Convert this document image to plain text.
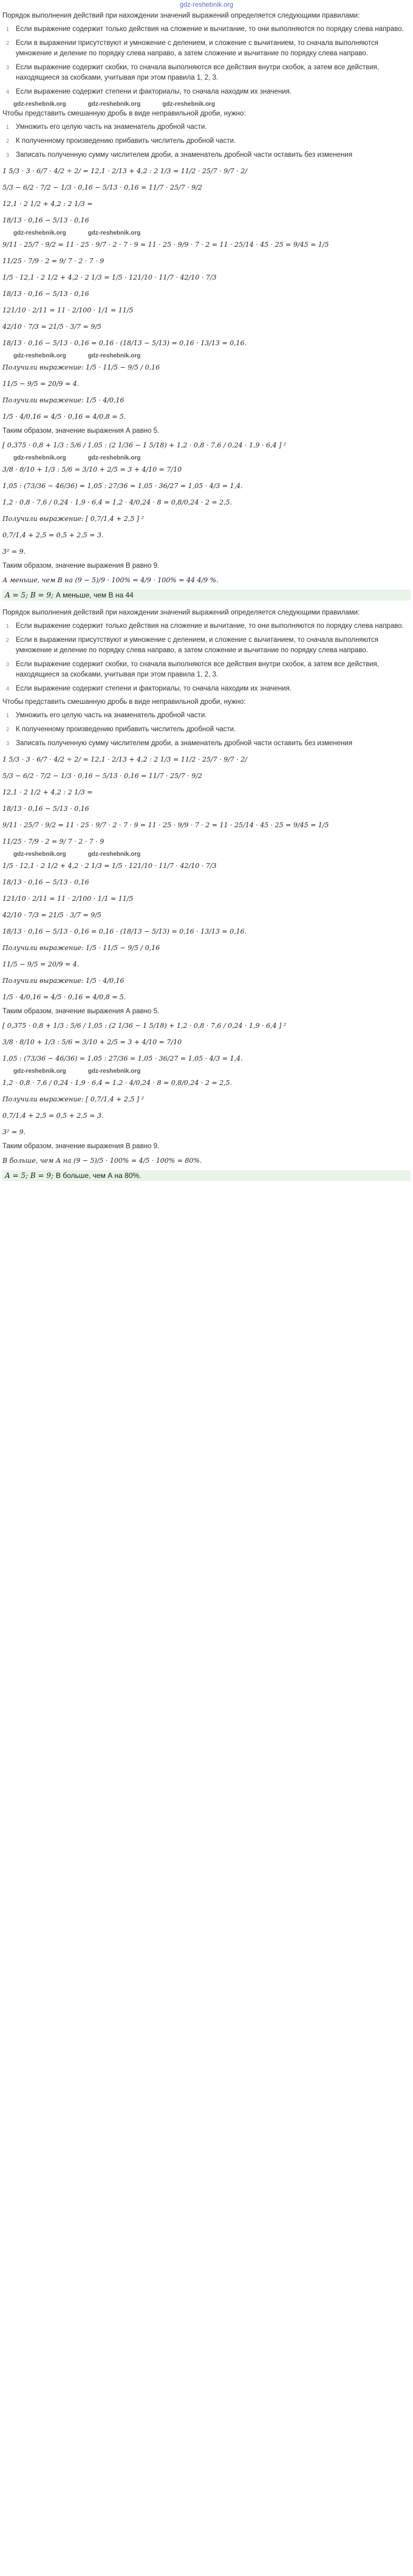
gdz-reshebnik.org

Порядок выполнения действий при нахождении значений выражений определяется следующими правилами:

1 Если выражение содержит только действия на сложение и вычитание, то они выполняются по порядку слева направо.
2 Если в выражении присутствуют и умножение с делением, и сложение с вычитанием, то сначала выполняются умножение и деление по порядку слева направо, а затем сложение и вычитание по порядку слева направо.
3 Если выражение содержит скобки, то сначала выполняются все действия внутри скобок, а затем все действия, находящиеся за скобками, учитывая при этом правила 1, 2, 3.
4 Если выражение содержит степени и факториалы, то сначала находим их значения.
gdz-reshebnik.org	gdz-reshebnik.org	gdz-reshebnik.org

Чтобы представить смешанную дробь в виде неправильной дроби, нужно:

1 Умножить его целую часть на знаменатель дробной части.
2 К полученному произведению прибавить числитель дробной части.
3 Записать полученную сумму числителем дроби, а знаменатель дробной части оставить без изменения
1 5/3 · 3 · 6/7 · 4/2 ÷ 2/ = 12,1 · 2/13 + 4,2 : 2 1/3 = 11/2 · 25/7 · 9/7 · 2/
5/3 − 6/2 · 7/2 − 1/3 · 0,16 − 5/13 · 0,16 = 11/7 · 25/7 · 9/2
12,1 · 2 1/2 + 4,2 : 2 1/3 =
18/13 · 0,16 − 5/13 · 0,16
gdz-reshebnik.org	gdz-reshebnik.org
9/11 · 25/7 · 9/2 = 11 · 25 · 9/7 · 2 · 7 · 9 = 11 · 25 · 9/9 · 7 · 2 = 11 · 25/14 · 45 · 25 = 9/45 = 1/5
11/25 · 7/9 · 2 = 9/ 7 · 2 · 7 · 9
1/5 · 12,1 · 2 1/2 + 4,2 · 2 1/3 = 1/5 · 121/10 · 11/7 · 42/10 · 7/3
18/13 · 0,16 − 5/13 · 0,16
121/10 · 2/11 = 11 · 2/100 · 1/1 = 11/5
42/10 · 7/3 = 21/5 · 3/7 = 9/5
18/13 · 0,16 − 5/13 · 0,16 = 0,16 · (18/13 − 5/13) = 0,16 · 13/13 = 0,16.
gdz-reshebnik.org	gdz-reshebnik.org
Получили выражение: 1/5 · 11/5 − 9/5 / 0,16
11/5 − 9/5 = 20/9 = 4.
Получили выражение: 1/5 · 4/0,16
1/5 · 4/0,16 = 4/5 · 0,16 = 4/0,8 = 5.

Таким образом, значение выражения А равно 5.

[ 0,375 · 0,8 + 1/3 : 5/6 / 1,05 : (2 1/36 − 1 5/18) + 1,2 · 0,8 · 7,6 / 0,24 · 1,9 · 6,4 ] ²
gdz-reshebnik.org	gdz-reshebnik.org
3/8 · 8/10 + 1/3 : 5/6 = 3/10 + 2/5 = 3 + 4/10 = 7/10
1,05 : (73/36 − 46/36) = 1,05 : 27/36 = 1,05 · 36/27 = 1,05 · 4/3 = 1,4.
1,2 · 0,8 · 7,6 / 0,24 · 1,9 · 6,4 = 1,2 · 4/0,24 · 8 = 0,8/0,24 · 2 = 2,5.
Получили выражение: [ 0,7/1,4 + 2,5 ] ²
0,7/1,4 + 2,5 = 0,5 + 2,5 = 3.
3² = 9.

Таким образом, значение выражения В равно 9.

А меньше, чем В на
(9 − 5)/9 · 100% = 4/9 · 100% = 44 4/9 %.
A = 5; B = 9; А меньше, чем В на 44

Порядок выполнения действий при нахождении значений выражений определяется следующими правилами:

1 Если выражение содержит только действия на сложение и вычитание, то они выполняются по порядку слева направо.
2 Если в выражении присутствуют и умножение с делением, и сложение с вычитанием, то сначала выполняются умножение и деление по порядку слева направо, а затем сложение и вычитание по порядку слева направо.
3 Если выражение содержит скобки, то сначала выполняются все действия внутри скобок, а затем все действия, находящиеся за скобками, учитывая при этом правила 1, 2, 3.
4 Если выражение содержит степени и факториалы, то сначала находим их значения.

Чтобы представить смешанную дробь в виде неправильной дроби, нужно:

1 Умножить его целую часть на знаменатель дробной части.
2 К полученному произведению прибавить числитель дробной части.
3 Записать полученную сумму числителем дроби, а знаменатель дробной части оставить без изменения
1 5/3 · 3 · 6/7 · 4/2 ÷ 2/ = 12,1 · 2/13 + 4,2 : 2 1/3 = 11/2 · 25/7 · 9/7 · 2/
5/3 − 6/2 · 7/2 − 1/3 · 0,16 − 5/13 · 0,16 = 11/7 · 25/7 · 9/2
12,1 · 2 1/2 + 4,2 : 2 1/3 =
18/13 · 0,16 − 5/13 · 0,16
9/11 · 25/7 · 9/2 = 11 · 25 · 9/7 · 2 · 7 · 9 = 11 · 25 · 9/9 · 7 · 2 = 11 · 25/14 · 45 · 25 = 9/45 = 1/5
11/25 · 7/9 · 2 = 9/ 7 · 2 · 7 · 9
gdz-reshebnik.org	gdz-reshebnik.org
1/5 · 12,1 · 2 1/2 + 4,2 · 2 1/3 = 1/5 · 121/10 · 11/7 · 42/10 · 7/3
18/13 · 0,16 − 5/13 · 0,16
121/10 · 2/11 = 11 · 2/100 · 1/1 = 11/5
42/10 · 7/3 = 21/5 · 3/7 = 9/5
18/13 · 0,16 − 5/13 · 0,16 = 0,16 · (18/13 − 5/13) = 0,16 · 13/13 = 0,16.
Получили выражение: 1/5 · 11/5 − 9/5 / 0,16
11/5 − 9/5 = 20/9 = 4.
Получили выражение: 1/5 · 4/0,16
1/5 · 4/0,16 = 4/5 · 0,16 = 4/0,8 = 5.

Таким образом, значение выражения А равно 5.

[ 0,375 · 0,8 + 1/3 : 5/6 / 1,05 : (2 1/36 − 1 5/18) + 1,2 · 0,8 · 7,6 / 0,24 · 1,9 · 6,4 ] ²
3/8 · 8/10 + 1/3 : 5/6 = 3/10 + 2/5 = 3 + 4/10 = 7/10
1,05 : (73/36 − 46/36) = 1,05 : 27/36 = 1,05 · 36/27 = 1,05 · 4/3 = 1,4.
gdz-reshebnik.org	gdz-reshebnik.org
1,2 · 0,8 · 7,6 / 0,24 · 1,9 · 6,4 = 1,2 · 4/0,24 · 8 = 0,8/0,24 · 2 = 2,5.
Получили выражение: [ 0,7/1,4 + 2,5 ] ²
0,7/1,4 + 2,5 = 0,5 + 2,5 = 3.
3² = 9.

Таким образом, значение выражения В равно 9.

В больше, чем А на
(9 − 5)/5 · 100% = 4/5 · 100% = 80%.
A = 5; B = 9; В больше, чем А на 80%.
